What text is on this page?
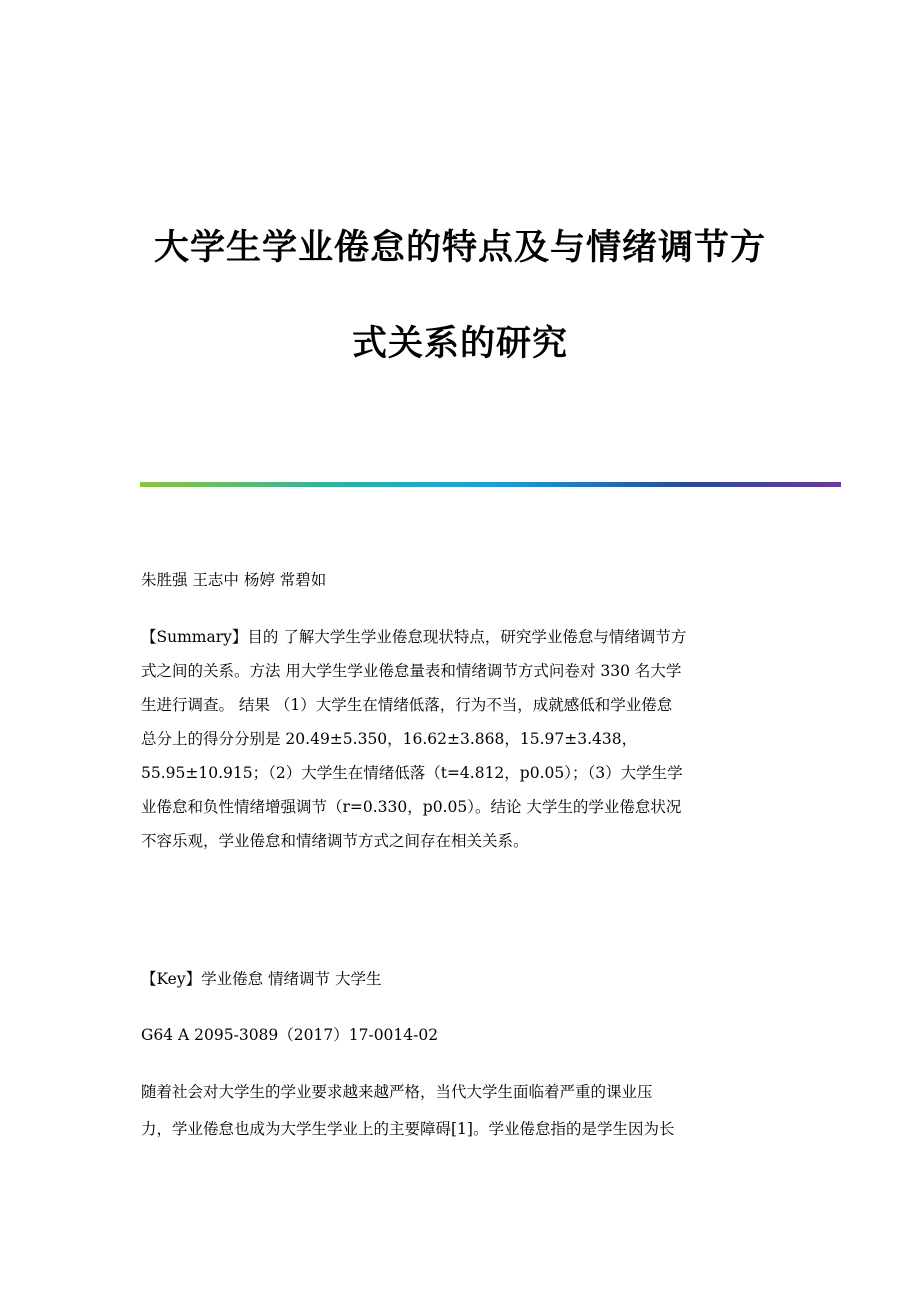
大学生学业倦怠的特点及与情绪调节方
式关系的研究
朱胜强 王志中 杨婷 常碧如
【Summary】目的 了解大学生学业倦怠现状特点，研究学业倦怠与情绪调节方
式之间的关系。方法 用大学生学业倦怠量表和情绪调节方式问卷对 330 名大学
生进行调查。 结果 （1）大学生在情绪低落，行为不当，成就感低和学业倦怠
总分上的得分分别是 20.49±5.350，16.62±3.868，15.97±3.438，
55.95±10.915；（2）大学生在情绪低落（t=4.812，p0.05）；（3）大学生学
业倦怠和负性情绪增强调节（r=0.330，p0.05）。结论 大学生的学业倦怠状况
不容乐观，学业倦怠和情绪调节方式之间存在相关关系。
【Key】学业倦怠 情绪调节 大学生
G64 A 2095-3089（2017）17-0014-02
随着社会对大学生的学业要求越来越严格，当代大学生面临着严重的课业压
力，学业倦怠也成为大学生学业上的主要障碍[1]。学业倦怠指的是学生因为长
